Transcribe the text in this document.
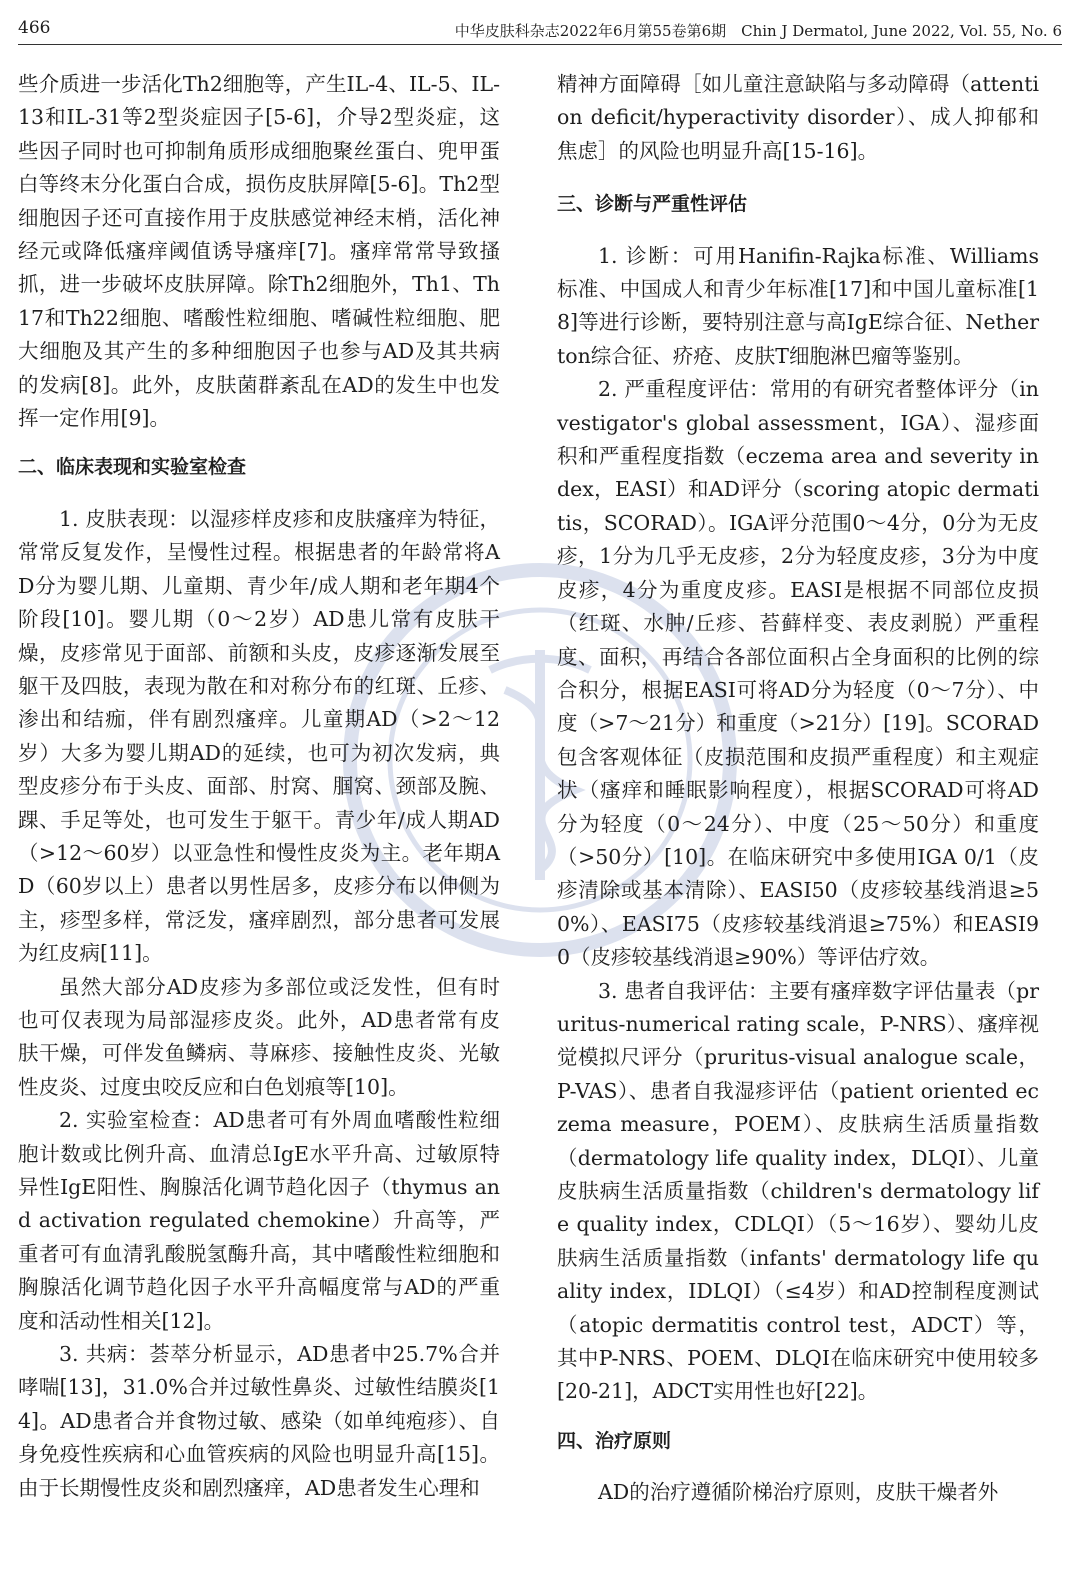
466	中华皮肤科杂志2022年6月第55卷第6期　Chin J Dermatol, June 2022, Vol. 55, No. 6

些介质进一步活化Th2细胞等，产生IL-4、IL-5、IL-13和IL-31等2型炎症因子[5-6]，介导2型炎症，这些因子同时也可抑制角质形成细胞聚丝蛋白、兜甲蛋白等终末分化蛋白合成，损伤皮肤屏障[5-6]。Th2型细胞因子还可直接作用于皮肤感觉神经末梢，活化神经元或降低瘙痒阈值诱导瘙痒[7]。瘙痒常常导致搔抓，进一步破坏皮肤屏障。除Th2细胞外，Th1、Th17和Th22细胞、嗜酸性粒细胞、嗜碱性粒细胞、肥大细胞及其产生的多种细胞因子也参与AD及其共病的发病[8]。此外，皮肤菌群紊乱在AD的发生中也发挥一定作用[9]。

二、临床表现和实验室检查

1. 皮肤表现：以湿疹样皮疹和皮肤瘙痒为特征，常常反复发作，呈慢性过程。根据患者的年龄常将AD分为婴儿期、儿童期、青少年/成人期和老年期4个阶段[10]。婴儿期（0～2岁）AD患儿常有皮肤干燥，皮疹常见于面部、前额和头皮，皮疹逐渐发展至躯干及四肢，表现为散在和对称分布的红斑、丘疹、渗出和结痂，伴有剧烈瘙痒。儿童期AD（>2～12岁）大多为婴儿期AD的延续，也可为初次发病，典型皮疹分布于头皮、面部、肘窝、腘窝、颈部及腕、踝、手足等处，也可发生于躯干。青少年/成人期AD（>12～60岁）以亚急性和慢性皮炎为主。老年期AD（60岁以上）患者以男性居多，皮疹分布以伸侧为主，疹型多样，常泛发，瘙痒剧烈，部分患者可发展为红皮病[11]。

虽然大部分AD皮疹为多部位或泛发性，但有时也可仅表现为局部湿疹皮炎。此外，AD患者常有皮肤干燥，可伴发鱼鳞病、荨麻疹、接触性皮炎、光敏性皮炎、过度虫咬反应和白色划痕等[10]。

2. 实验室检查：AD患者可有外周血嗜酸性粒细胞计数或比例升高、血清总IgE水平升高、过敏原特异性IgE阳性、胸腺活化调节趋化因子（thymus and activation regulated chemokine）升高等，严重者可有血清乳酸脱氢酶升高，其中嗜酸性粒细胞和胸腺活化调节趋化因子水平升高幅度常与AD的严重度和活动性相关[12]。

3. 共病：荟萃分析显示，AD患者中25.7%合并哮喘[13]，31.0%合并过敏性鼻炎、过敏性结膜炎[14]。AD患者合并食物过敏、感染（如单纯疱疹）、自身免疫性疾病和心血管疾病的风险也明显升高[15]。由于长期慢性皮炎和剧烈瘙痒，AD患者发生心理和

精神方面障碍［如儿童注意缺陷与多动障碍（attention deficit/hyperactivity disorder）、成人抑郁和焦虑］的风险也明显升高[15-16]。

三、诊断与严重性评估

1. 诊断：可用Hanifin-Rajka标准、Williams标准、中国成人和青少年标准[17]和中国儿童标准[18]等进行诊断，要特别注意与高IgE综合征、Netherton综合征、疥疮、皮肤T细胞淋巴瘤等鉴别。

2. 严重程度评估：常用的有研究者整体评分（investigator's global assessment，IGA）、湿疹面积和严重程度指数（eczema area and severity index，EASI）和AD评分（scoring atopic dermatitis，SCORAD）。IGA评分范围0～4分，0分为无皮疹，1分为几乎无皮疹，2分为轻度皮疹，3分为中度皮疹，4分为重度皮疹。EASI是根据不同部位皮损（红斑、水肿/丘疹、苔藓样变、表皮剥脱）严重程度、面积，再结合各部位面积占全身面积的比例的综合积分，根据EASI可将AD分为轻度（0～7分）、中度（>7～21分）和重度（>21分）[19]。SCORAD包含客观体征（皮损范围和皮损严重程度）和主观症状（瘙痒和睡眠影响程度），根据SCORAD可将AD分为轻度（0～24分）、中度（25～50分）和重度（>50分）[10]。在临床研究中多使用IGA 0/1（皮疹清除或基本清除）、EASI50（皮疹较基线消退≥50%）、EASI75（皮疹较基线消退≥75%）和EASI90（皮疹较基线消退≥90%）等评估疗效。

3. 患者自我评估：主要有瘙痒数字评估量表（pruritus-numerical rating scale，P-NRS）、瘙痒视觉模拟尺评分（pruritus-visual analogue scale，P-VAS）、患者自我湿疹评估（patient oriented eczema measure，POEM）、皮肤病生活质量指数（dermatology life quality index，DLQI）、儿童皮肤病生活质量指数（children's dermatology life quality index，CDLQI）（5～16岁）、婴幼儿皮肤病生活质量指数（infants' dermatology life quality index，IDLQI）（≤4岁）和AD控制程度测试（atopic dermatitis control test，ADCT）等，其中P-NRS、POEM、DLQI在临床研究中使用较多[20-21]，ADCT实用性也好[22]。

四、治疗原则

AD的治疗遵循阶梯治疗原则，皮肤干燥者外
